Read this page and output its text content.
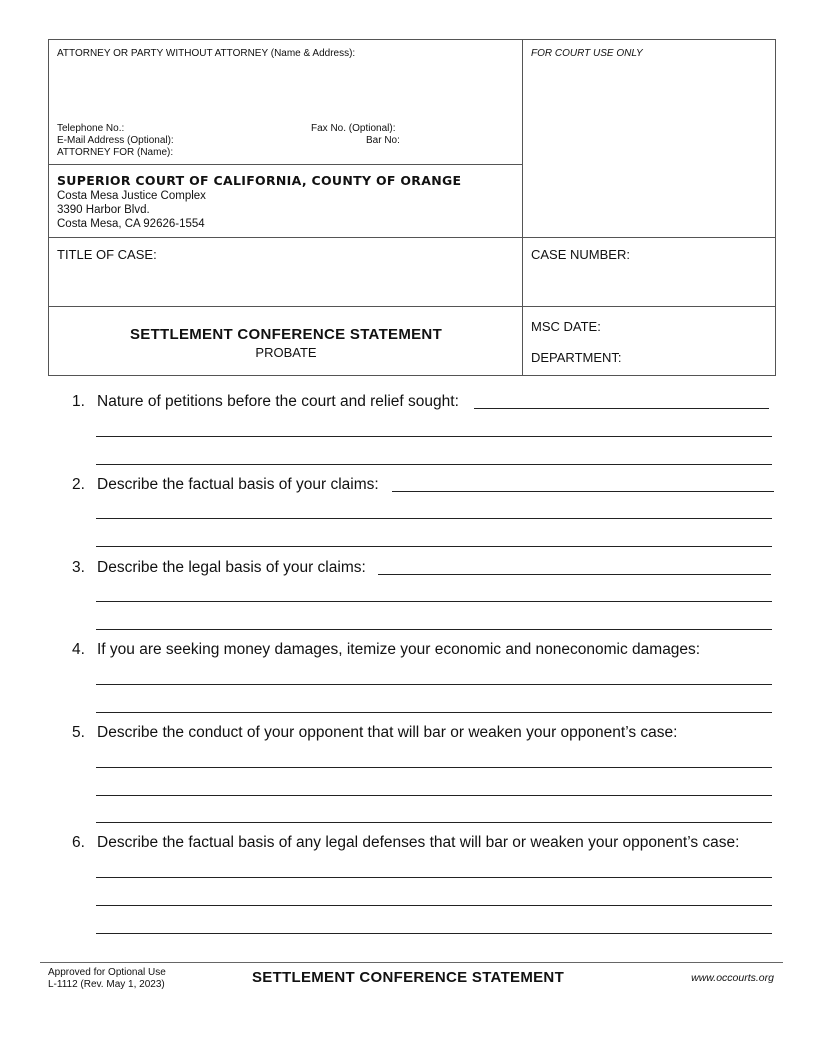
ATTORNEY OR PARTY WITHOUT ATTORNEY (Name & Address):
Telephone No.:	Fax No. (Optional):
E-Mail Address (Optional):	Bar No:
ATTORNEY FOR (Name):
FOR COURT USE ONLY
SUPERIOR COURT OF CALIFORNIA, COUNTY OF ORANGE
Costa Mesa Justice Complex
3390 Harbor Blvd.
Costa Mesa, CA 92626-1554
TITLE OF CASE:	CASE NUMBER:
SETTLEMENT CONFERENCE STATEMENT
PROBATE
MSC DATE:
DEPARTMENT:
1. Nature of petitions before the court and relief sought:
2. Describe the factual basis of your claims:
3. Describe the legal basis of your claims:
4. If you are seeking money damages, itemize your economic and noneconomic damages:
5. Describe the conduct of your opponent that will bar or weaken your opponent’s case:
6. Describe the factual basis of any legal defenses that will bar or weaken your opponent’s case:
Approved for Optional Use
L-1112 (Rev. May 1, 2023)	SETTLEMENT CONFERENCE STATEMENT	www.occourts.org
